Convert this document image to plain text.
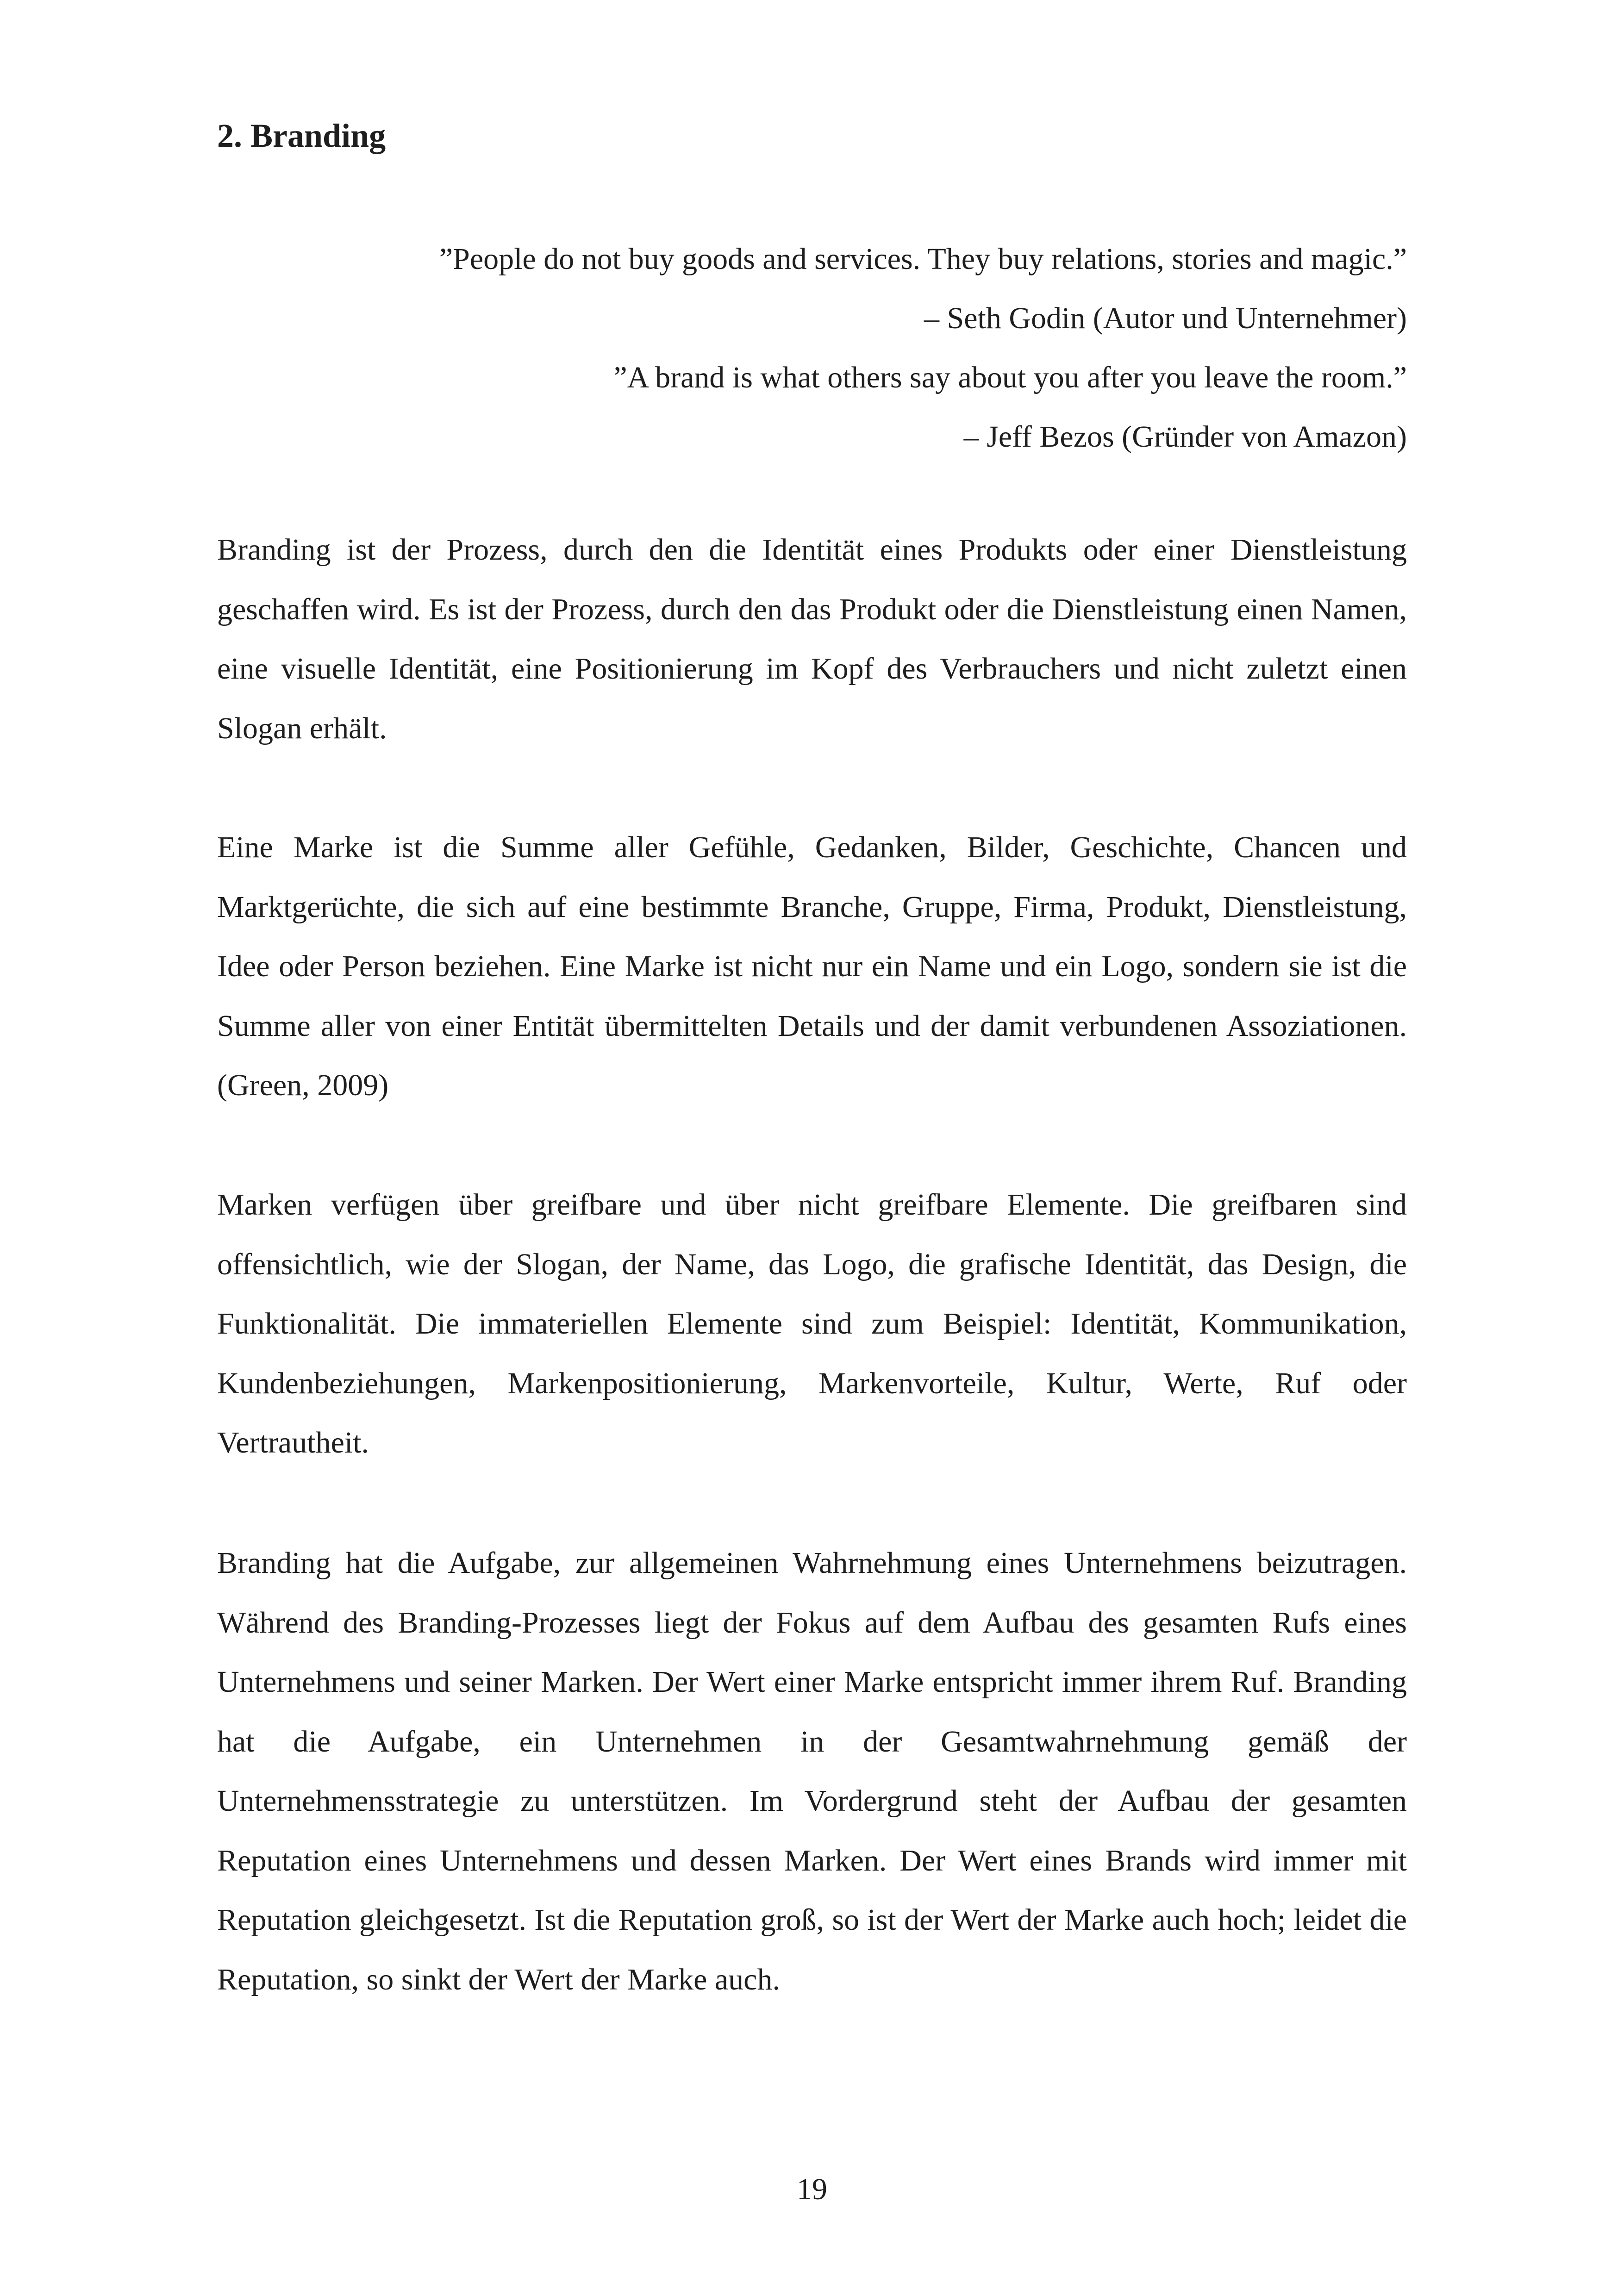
2. Branding
”People do not buy goods and services. They buy relations, stories and magic.”
– Seth Godin (Autor und Unternehmer)
”A brand is what others say about you after you leave the room.”
– Jeff Bezos (Gründer von Amazon)

Branding ist der Prozess, durch den die Identität eines Produkts oder einer Dienstleistung geschaffen wird. Es ist der Prozess, durch den das Produkt oder die Dienstleistung einen Namen, eine visuelle Identität, eine Positionierung im Kopf des Verbrauchers und nicht zuletzt einen Slogan erhält.

Eine Marke ist die Summe aller Gefühle, Gedanken, Bilder, Geschichte, Chancen und Marktgerüchte, die sich auf eine bestimmte Branche, Gruppe, Firma, Produkt, Dienstleistung, Idee oder Person beziehen. Eine Marke ist nicht nur ein Name und ein Logo, sondern sie ist die Summe aller von einer Entität übermittelten Details und der damit verbundenen Assoziationen. (Green, 2009)

Marken verfügen über greifbare und über nicht greifbare Elemente. Die greifbaren sind offensichtlich, wie der Slogan, der Name, das Logo, die grafische Identität, das Design, die Funktionalität. Die immateriellen Elemente sind zum Beispiel: Identität, Kommunikation, Kundenbeziehungen, Markenpositionierung, Markenvorteile, Kultur, Werte, Ruf oder Vertrautheit.

Branding hat die Aufgabe, zur allgemeinen Wahrnehmung eines Unternehmens beizutragen. Während des Branding-Prozesses liegt der Fokus auf dem Aufbau des gesamten Rufs eines Unternehmens und seiner Marken. Der Wert einer Marke entspricht immer ihrem Ruf. Branding hat die Aufgabe, ein Unternehmen in der Gesamtwahrnehmung gemäß der Unternehmensstrategie zu unterstützen. Im Vordergrund steht der Aufbau der gesamten Reputation eines Unternehmens und dessen Marken. Der Wert eines Brands wird immer mit Reputation gleichgesetzt. Ist die Reputation groß, so ist der Wert der Marke auch hoch; leidet die Reputation, so sinkt der Wert der Marke auch.

19
